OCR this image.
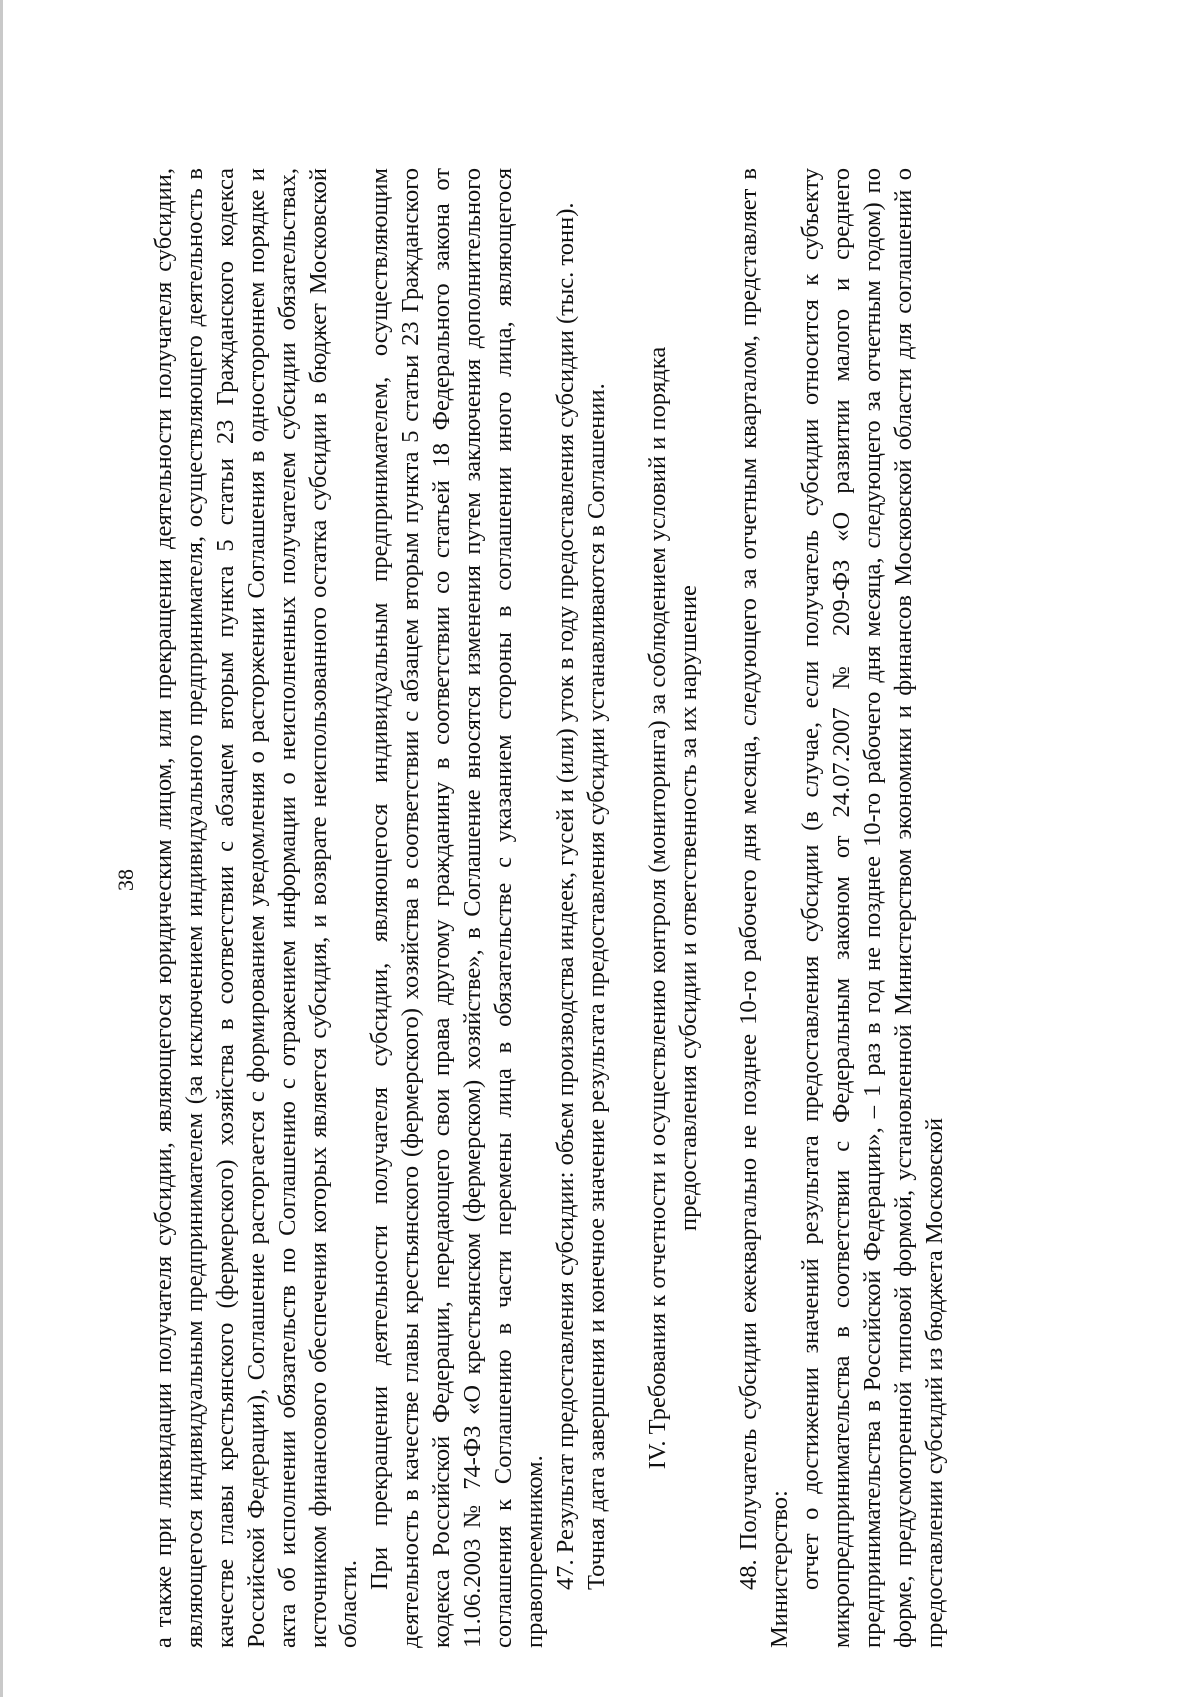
38 а также при ликвидации получателя субсидии, являющегося юридическим лицом, или прекращении деятельности получателя субсидии, являющегося индивидуальным предпринимателем (за исключением индивидуального предпринимателя, осуществляющего деятельность в качестве главы крестьянского (фермерского) хозяйства в соответствии с абзацем вторым пункта 5 статьи 23 Гражданского кодекса Российской Федерации), Соглашение расторгается с формированием уведомления о расторжении Соглашения в одностороннем порядке и акта об исполнении обязательств по Соглашению с отражением информации о неисполненных получателем субсидии обязательствах, источником финансового обеспечения которых является субсидия, и возврате неиспользованного остатка субсидии в бюджет Московской области.

При прекращении деятельности получателя субсидии, являющегося индивидуальным предпринимателем, осуществляющим деятельность в качестве главы крестьянского (фермерского) хозяйства в соответствии с абзацем вторым пункта 5 статьи 23 Гражданского кодекса Российской Федерации, передающего свои права другому гражданину в соответствии со статьей 18 Федерального закона от 11.06.2003 № 74-ФЗ «О крестьянском (фермерском) хозяйстве», в Соглашение вносятся изменения путем заключения дополнительного соглашения к Соглашению в части перемены лица в обязательстве с указанием стороны в соглашении иного лица, являющегося правопреемником. 47. Результат предоставления субсидии: объем производства индеек, гусей и (или) уток в году предоставления субсидии (тыс. тонн). Точная дата завершения и конечное значение результата предоставления субсидии устанавливаются в Соглашении. IV. Требования к отчетности и осуществлению контроля (мониторинга) за соблюдением условий и порядка предоставления субсидии и ответственность за их нарушение 48. Получатель субсидии ежеквартально не позднее 10-го рабочего дня месяца, следующего за отчетным кварталом, представляет в Министерство: отчет о достижении значений результата предоставления субсидии (в случае, если получатель субсидии относится к субъекту микропредпринимательства в соответствии с Федеральным законом от 24.07.2007 № 209-ФЗ «О развитии малого и среднего предпринимательства в Российской Федерации», – 1 раз в год не позднее 10-го рабочего дня месяца, следующего за отчетным годом) по форме, предусмотренной типовой формой, установленной Министерством экономики и финансов Московской области для соглашений о предоставлении субсидий из бюджета Московской
